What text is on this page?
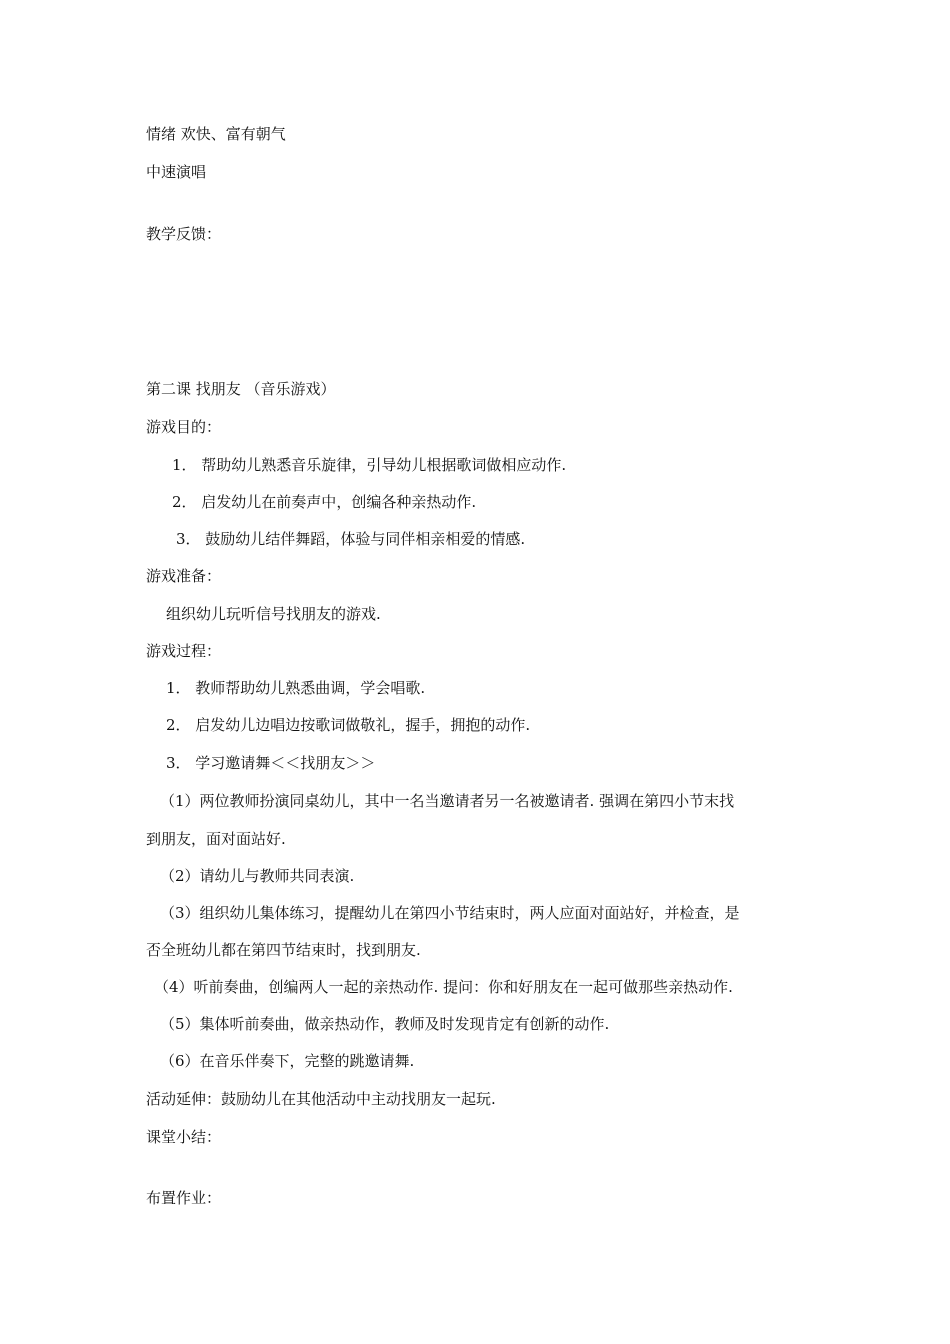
情绪 欢快、富有朝气
中速演唱
教学反馈：
第二课 找朋友 （音乐游戏）
游戏目的：
1． 帮助幼儿熟悉音乐旋律，引导幼儿根据歌词做相应动作.
2． 启发幼儿在前奏声中，创编各种亲热动作.
3． 鼓励幼儿结伴舞蹈，体验与同伴相亲相爱的情感.
游戏准备：
组织幼儿玩听信号找朋友的游戏.
游戏过程：
1． 教师帮助幼儿熟悉曲调，学会唱歌.
2． 启发幼儿边唱边按歌词做敬礼，握手，拥抱的动作.
3． 学习邀请舞＜＜找朋友＞＞
（1）两位教师扮演同桌幼儿，其中一名当邀请者另一名被邀请者. 强调在第四小节末找
到朋友，面对面站好.
（2）请幼儿与教师共同表演.
（3）组织幼儿集体练习，提醒幼儿在第四小节结束时，两人应面对面站好，并检查，是
否全班幼儿都在第四节结束时，找到朋友.
（4）听前奏曲，创编两人一起的亲热动作. 提问：你和好朋友在一起可做那些亲热动作.
（5）集体听前奏曲，做亲热动作，教师及时发现肯定有创新的动作.
（6）在音乐伴奏下，完整的跳邀请舞.
活动延伸：鼓励幼儿在其他活动中主动找朋友一起玩.
课堂小结：
布置作业：
